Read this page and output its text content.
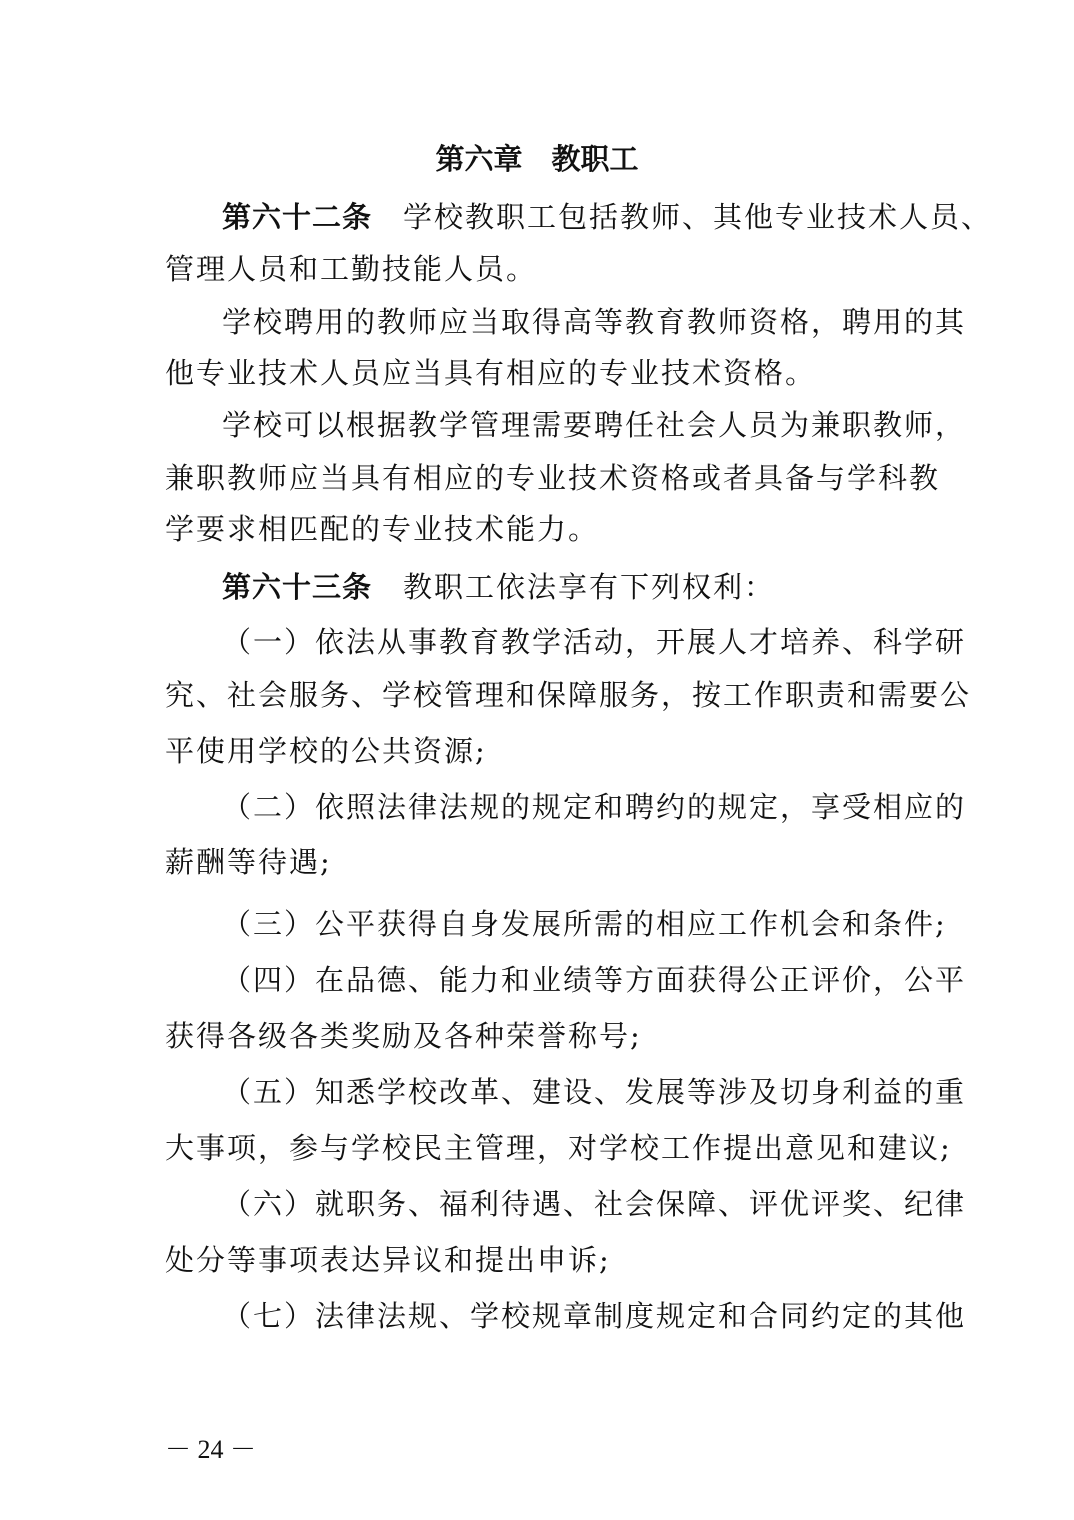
第六章　教职工
第六十二条　学校教职工包括教师、其他专业技术人员、
管理人员和工勤技能人员。
学校聘用的教师应当取得高等教育教师资格，聘用的其
他专业技术人员应当具有相应的专业技术资格。
学校可以根据教学管理需要聘任社会人员为兼职教师，
兼职教师应当具有相应的专业技术资格或者具备与学科教
学要求相匹配的专业技术能力。
第六十三条　教职工依法享有下列权利：
（一）依法从事教育教学活动，开展人才培养、科学研
究、社会服务、学校管理和保障服务，按工作职责和需要公
平使用学校的公共资源;
（二）依照法律法规的规定和聘约的规定，享受相应的
薪酬等待遇;
（三）公平获得自身发展所需的相应工作机会和条件;
（四）在品德、能力和业绩等方面获得公正评价，公平
获得各级各类奖励及各种荣誉称号;
（五）知悉学校改革、建设、发展等涉及切身利益的重
大事项，参与学校民主管理，对学校工作提出意见和建议;
（六）就职务、福利待遇、社会保障、评优评奖、纪律
处分等事项表达异议和提出申诉;
（七）法律法规、学校规章制度规定和合同约定的其他
－ 24 －
